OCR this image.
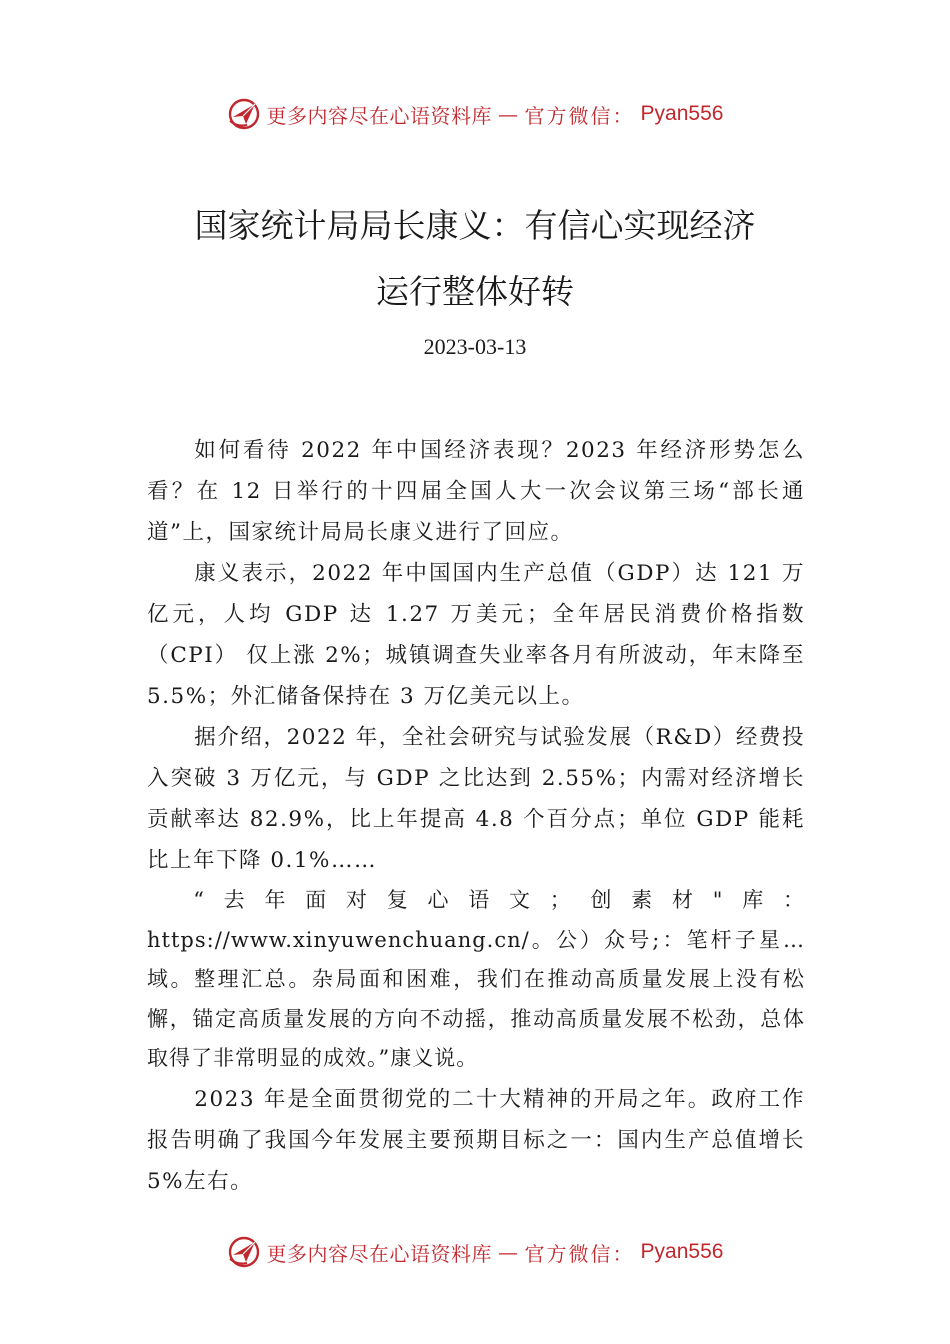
更多内容尽在心语资料库 — 官方微信： Pyan556
国家统计局局长康义：有信心实现经济
运行整体好转
2023-03-13

如何看待 2022 年中国经济表现？2023 年经济形势怎么看？在 12 日举行的十四届全国人大一次会议第三场“部长通道”上，国家统计局局长康义进行了回应。

康义表示，2022 年中国国内生产总值（GDP）达 121 万亿元，人均 GDP 达 1.27 万美元；全年居民消费价格指数（CPI） 仅上涨 2%；城镇调查失业率各月有所波动，年末降至 5.5%；外汇储备保持在 3 万亿美元以上。

据介绍，2022 年，全社会研究与试验发展（R&D）经费投入突破 3 万亿元，与 GDP 之比达到 2.55%；内需对经济增长贡献率达 82.9%，比上年提高 4.8 个百分点；单位 GDP 能耗比上年下降 0.1%……

“去年面对复心语文；创素材"库：https://www.xinyuwenchuang.cn/。公）众号;：笔杆子星…域。整理汇总。杂局面和困难，我们在推动高质量发展上没有松懈，锚定高质量发展的方向不动摇，推动高质量发展不松劲，总体取得了非常明显的成效。”康义说。

2023 年是全面贯彻党的二十大精神的开局之年。政府工作报告明确了我国今年发展主要预期目标之一：国内生产总值增长 5%左右。

更多内容尽在心语资料库 — 官方微信： Pyan556
